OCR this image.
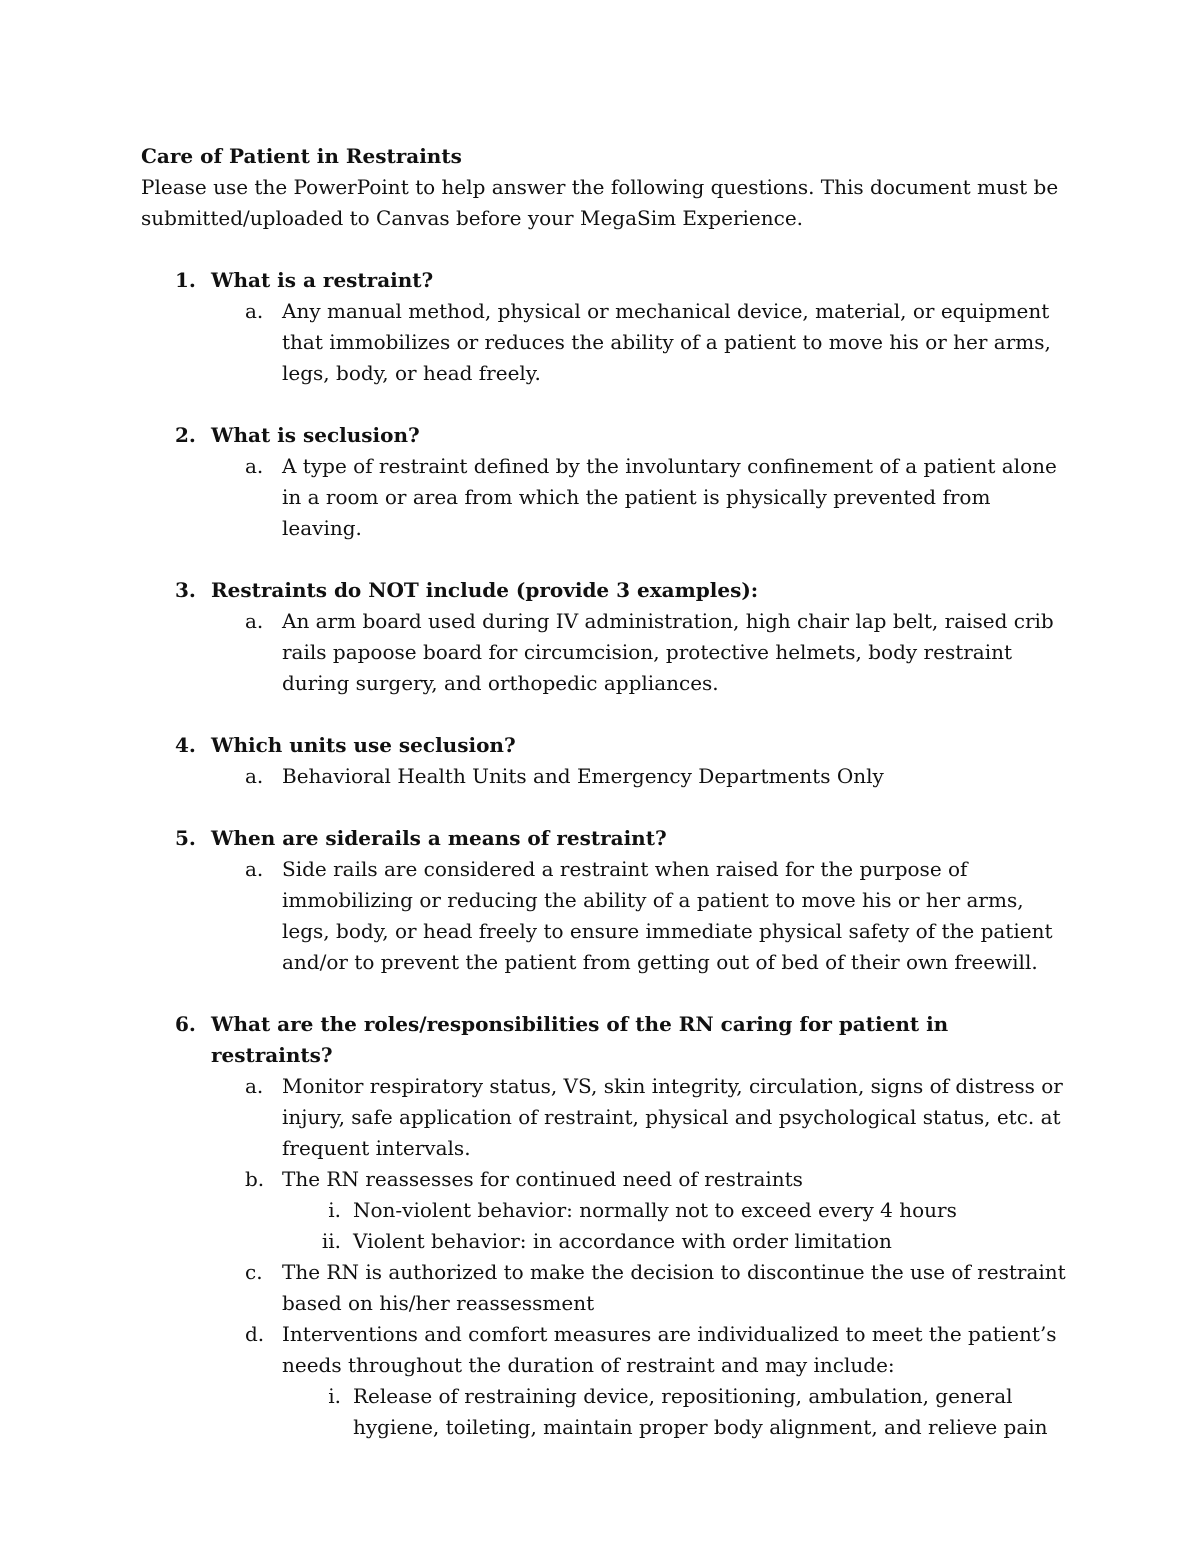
Care of Patient in Restraints

Please use the PowerPoint to help answer the following questions. This document must be submitted/uploaded to Canvas before your MegaSim Experience.

1. What is a restraint?
a. Any manual method, physical or mechanical device, material, or equipment that immobilizes or reduces the ability of a patient to move his or her arms, legs, body, or head freely.
2. What is seclusion?
a. A type of restraint defined by the involuntary confinement of a patient alone in a room or area from which the patient is physically prevented from leaving.
3. Restraints do NOT include (provide 3 examples):
a. An arm board used during IV administration, high chair lap belt, raised crib rails papoose board for circumcision, protective helmets, body restraint during surgery, and orthopedic appliances.
4. Which units use seclusion?
a. Behavioral Health Units and Emergency Departments Only
5. When are siderails a means of restraint?
a. Side rails are considered a restraint when raised for the purpose of immobilizing or reducing the ability of a patient to move his or her arms, legs, body, or head freely to ensure immediate physical safety of the patient and/or to prevent the patient from getting out of bed of their own freewill.
6. What are the roles/responsibilities of the RN caring for patient in restraints?
a. Monitor respiratory status, VS, skin integrity, circulation, signs of distress or injury, safe application of restraint, physical and psychological status, etc. at frequent intervals.
b. The RN reassesses for continued need of restraints
i. Non-violent behavior: normally not to exceed every 4 hours
ii. Violent behavior: in accordance with order limitation
c. The RN is authorized to make the decision to discontinue the use of restraint based on his/her reassessment
d. Interventions and comfort measures are individualized to meet the patient’s needs throughout the duration of restraint and may include:
i. Release of restraining device, repositioning, ambulation, general hygiene, toileting, maintain proper body alignment, and relieve pain
